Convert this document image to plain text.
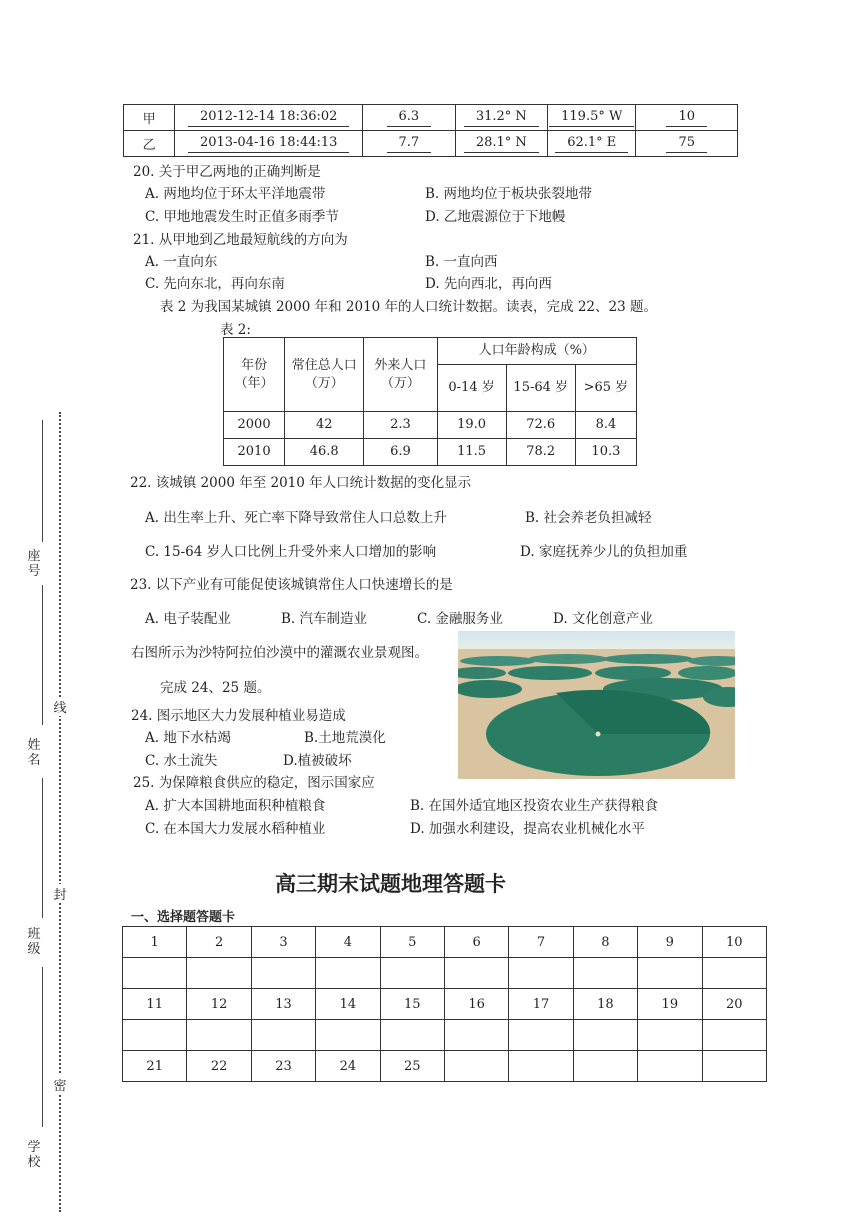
甲	2012-12-14 18:36:02	6.3	31.2° N	119.5° W	10
乙	2013-04-16 18:44:13	7.7	28.1° N	62.1° E	75
20. 关于甲乙两地的正确判断是
A. 两地均位于环太平洋地震带	B. 两地均位于板块张裂地带
C. 甲地地震发生时正值多雨季节	D. 乙地震源位于下地幔
21. 从甲地到乙地最短航线的方向为
A. 一直向东	B. 一直向西
C. 先向东北，再向东南	D. 先向西北，再向西
表 2 为我国某城镇 2000 年和 2010 年的人口统计数据。读表，完成 22、23 题。
表 2:
年份（年）	常住总人口（万）	外来人口（万）	人口年龄构成（%）		
			0-14 岁	15-64 岁	>65 岁
2000	42	2.3	19.0	72.6	8.4
2010	46.8	6.9	11.5	78.2	10.3
22. 该城镇 2000 年至 2010 年人口统计数据的变化显示
A. 出生率上升、死亡率下降导致常住人口总数上升	B. 社会养老负担减轻
C. 15-64 岁人口比例上升受外来人口增加的影响	D. 家庭抚养少儿的负担加重
23. 以下产业有可能促使该城镇常住人口快速增长的是
A. 电子装配业	B. 汽车制造业	C. 金融服务业	D. 文化创意产业
右图所示为沙特阿拉伯沙漠中的灌溉农业景观图。
完成 24、25 题。
24. 图示地区大力发展种植业易造成
A. 地下水枯竭	B.土地荒漠化
C. 水土流失	D.植被破坏
25. 为保障粮食供应的稳定，图示国家应
A. 扩大本国耕地面积种植粮食	B. 在国外适宜地区投资农业生产获得粮食
C. 在本国大力发展水稻种植业	D. 加强水利建设，提高农业机械化水平
高三期末试题地理答题卡
一、选择题答题卡
1	2	3	4	5	6	7	8	9	10

11	12	13	14	15	16	17	18	19	20

21	22	23	24	25					
座号
姓名
班级
学校
线
封
密
